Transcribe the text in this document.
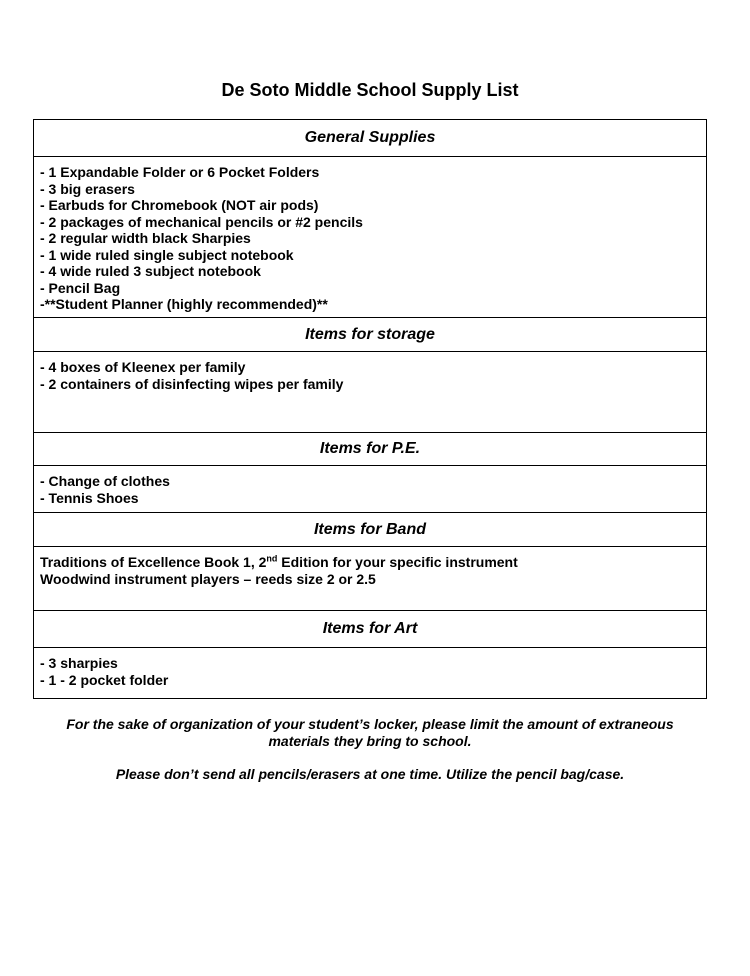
De Soto Middle School Supply List
General Supplies
- 1 Expandable Folder or 6 Pocket Folders
- 3 big erasers
- Earbuds for Chromebook (NOT air pods)
- 2 packages of mechanical pencils or #2 pencils
- 2 regular width black Sharpies
- 1 wide ruled single subject notebook
- 4 wide ruled 3 subject notebook
- Pencil Bag
-**Student Planner (highly recommended)**
Items for storage
- 4 boxes of Kleenex per family
- 2 containers of disinfecting wipes per family
Items for P.E.
- Change of clothes
- Tennis Shoes
Items for Band
Traditions of Excellence Book 1, 2nd Edition for your specific instrument
Woodwind instrument players – reeds size 2 or 2.5
Items for Art
- 3 sharpies
- 1 - 2 pocket folder
For the sake of organization of your student’s locker, please limit the amount of extraneous
materials they bring to school.
Please don’t send all pencils/erasers at one time. Utilize the pencil bag/case.
